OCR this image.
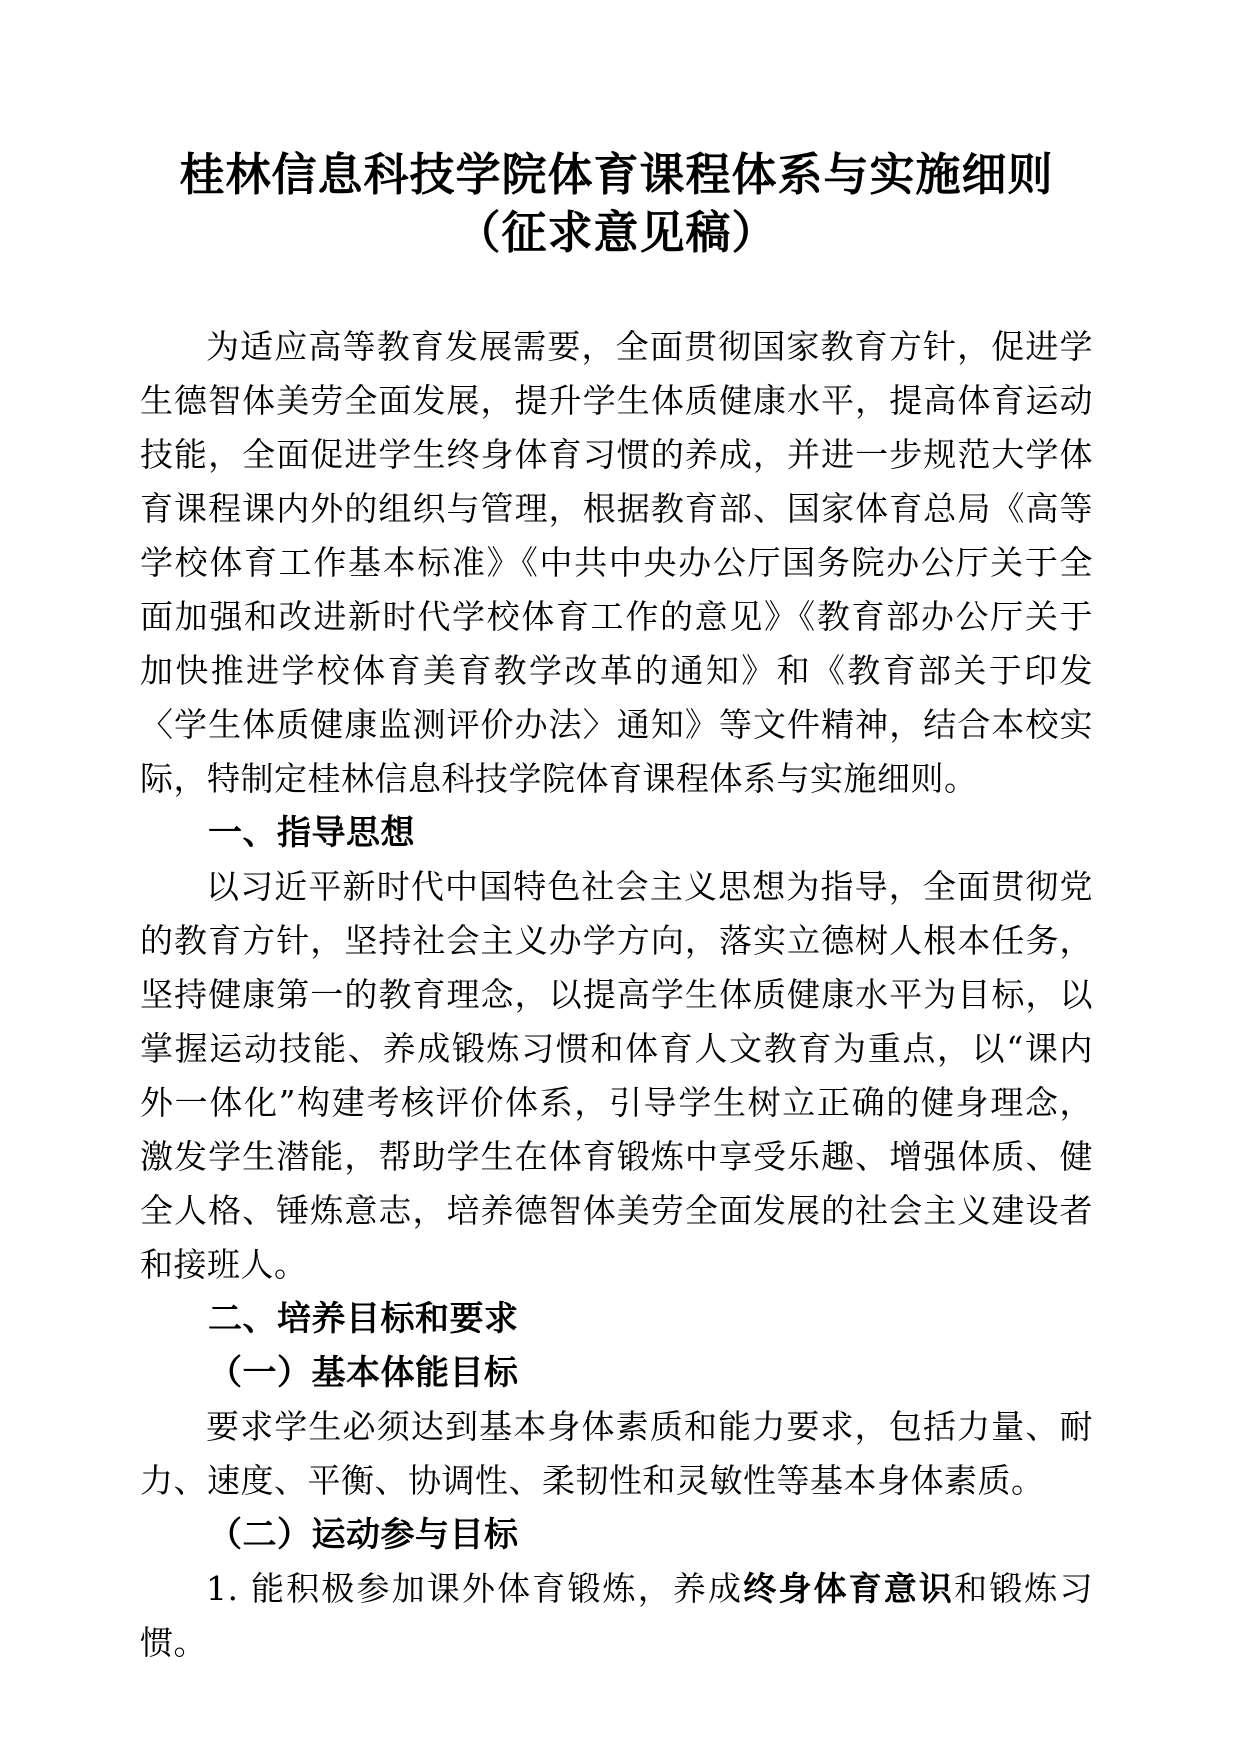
桂林信息科技学院体育课程体系与实施细则
（征求意见稿）
为适应高等教育发展需要，全面贯彻国家教育方针，促进学生德智体美劳全面发展，提升学生体质健康水平，提高体育运动技能，全面促进学生终身体育习惯的养成，并进一步规范大学体育课程课内外的组织与管理，根据教育部、国家体育总局《高等学校体育工作基本标准》《中共中央办公厅国务院办公厅关于全面加强和改进新时代学校体育工作的意见》《教育部办公厅关于加快推进学校体育美育教学改革的通知》和《教育部关于印发〈学生体质健康监测评价办法〉通知》等文件精神，结合本校实际，特制定桂林信息科技学院体育课程体系与实施细则。
一、指导思想
以习近平新时代中国特色社会主义思想为指导，全面贯彻党的教育方针，坚持社会主义办学方向，落实立德树人根本任务，坚持健康第一的教育理念，以提高学生体质健康水平为目标，以掌握运动技能、养成锻炼习惯和体育人文教育为重点，以“课内外一体化”构建考核评价体系，引导学生树立正确的健身理念，激发学生潜能，帮助学生在体育锻炼中享受乐趣、增强体质、健全人格、锤炼意志，培养德智体美劳全面发展的社会主义建设者和接班人。
二、培养目标和要求
（一）基本体能目标
要求学生必须达到基本身体素质和能力要求，包括力量、耐力、速度、平衡、协调性、柔韧性和灵敏性等基本身体素质。
（二）运动参与目标
1. 能积极参加课外体育锻炼，养成终身体育意识和锻炼习惯。
